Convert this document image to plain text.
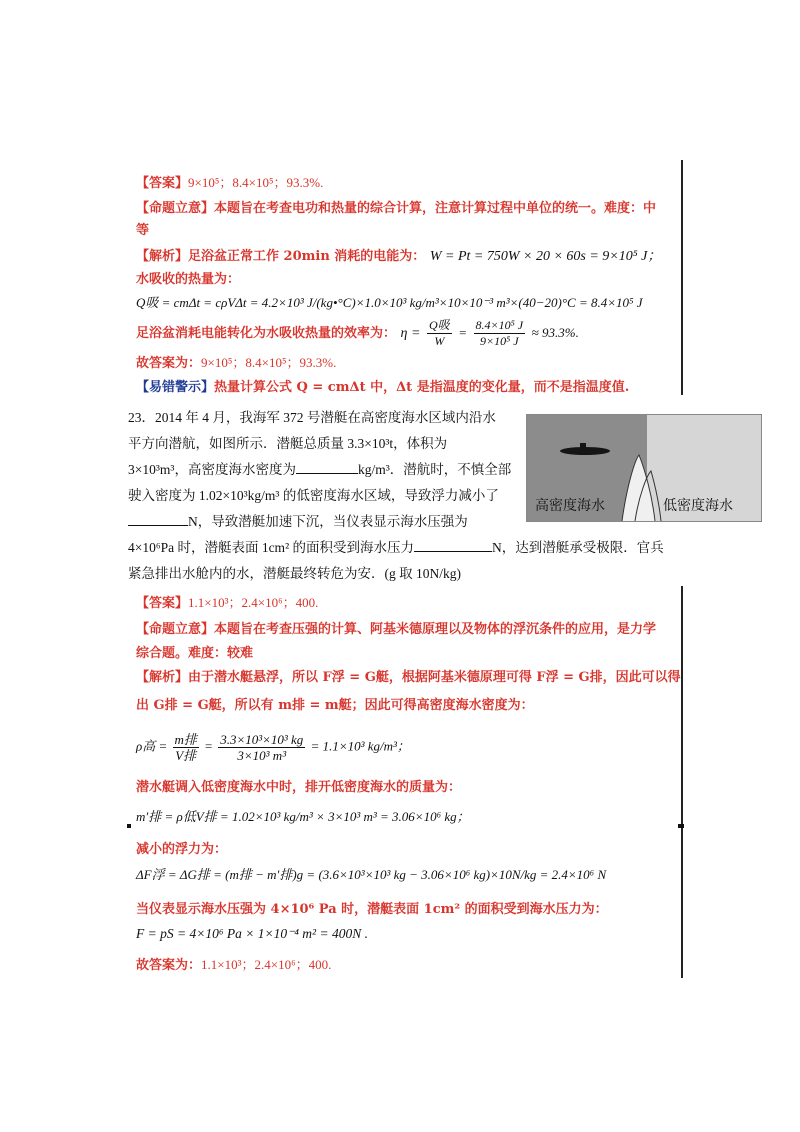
【答案】9×10⁵；8.4×10⁵；93.3%.
【命题立意】本题旨在考查电功和热量的综合计算，注意计算过程中单位的统一。难度：中
等
【解析】足浴盆正常工作 20min 消耗的电能为： W = Pt = 750W × 20 × 60s = 9×10⁵ J；
水吸收的热量为：
Q吸 = cmΔt = cρVΔt = 4.2×10³ J/(kg•°C)×1.0×10³ kg/m³×10×10⁻³ m³×(40−20)°C = 8.4×10⁵ J
足浴盆消耗电能转化为水吸收热量的效率为： $\eta = \frac{\text{Q吸}}{W} = \frac{\text{8.4×10⁵ J}}{\text{9×10⁵ J}} \approx 93.3\%$.
故答案为：9×10⁵；8.4×10⁵；93.3%.
【易错警示】热量计算公式 Q = cmΔt 中，Δt 是指温度的变化量，而不是指温度值.
23．2014 年 4 月，我海军 372 号潜艇在高密度海水区域内沿水
平方向潜航，如图所示．潜艇总质量 3.3×10³t，体积为
3×10³m³，高密度海水密度为	kg/m³．潜航时，不慎全部
驶入密度为 1.02×10³kg/m³ 的低密度海水区域，导致浮力减小了
N，导致潜艇加速下沉，当仪表显示海水压强为
4×10⁶Pa 时，潜艇表面 1cm² 的面积受到海水压力	N，达到潜艇承受极限．官兵
紧急排出水舱内的水，潜艇最终转危为安．(g 取 10N/kg)
高密度海水	低密度海水
【答案】1.1×10³；2.4×10⁶；400.
【命题立意】本题旨在考查压强的计算、阿基米德原理以及物体的浮沉条件的应用，是力学
综合题。难度：较难
【解析】由于潜水艇悬浮，所以 F浮 = G艇，根据阿基米德原理可得 F浮 = G排，因此可以得
出 G排 = G艇，所以有 m排 = m艇；因此可得高密度海水密度为：
ρ高 = $\frac{\text{m排}}{\text{V排}} = \frac{\text{3.3×10³×10³ kg}}{\text{3×10³ m³}} = 1.1\times 10^3$ kg/m³；
潜水艇调入低密度海水中时，排开低密度海水的质量为：
m′排 = ρ低V排 = 1.02×10³ kg/m³ × 3×10³ m³ = 3.06×10⁶ kg；
减小的浮力为：
ΔF浮 = ΔG排 = (m排 − m′排)g = (3.6×10³×10³ kg − 3.06×10⁶ kg)×10N/kg = 2.4×10⁶ N
当仪表显示海水压强为 4×10⁶ Pa 时，潜艇表面 1cm² 的面积受到海水压力为：
F = pS = 4×10⁶ Pa × 1×10⁻⁴ m² = 400N .
故答案为：1.1×10³；2.4×10⁶；400.
